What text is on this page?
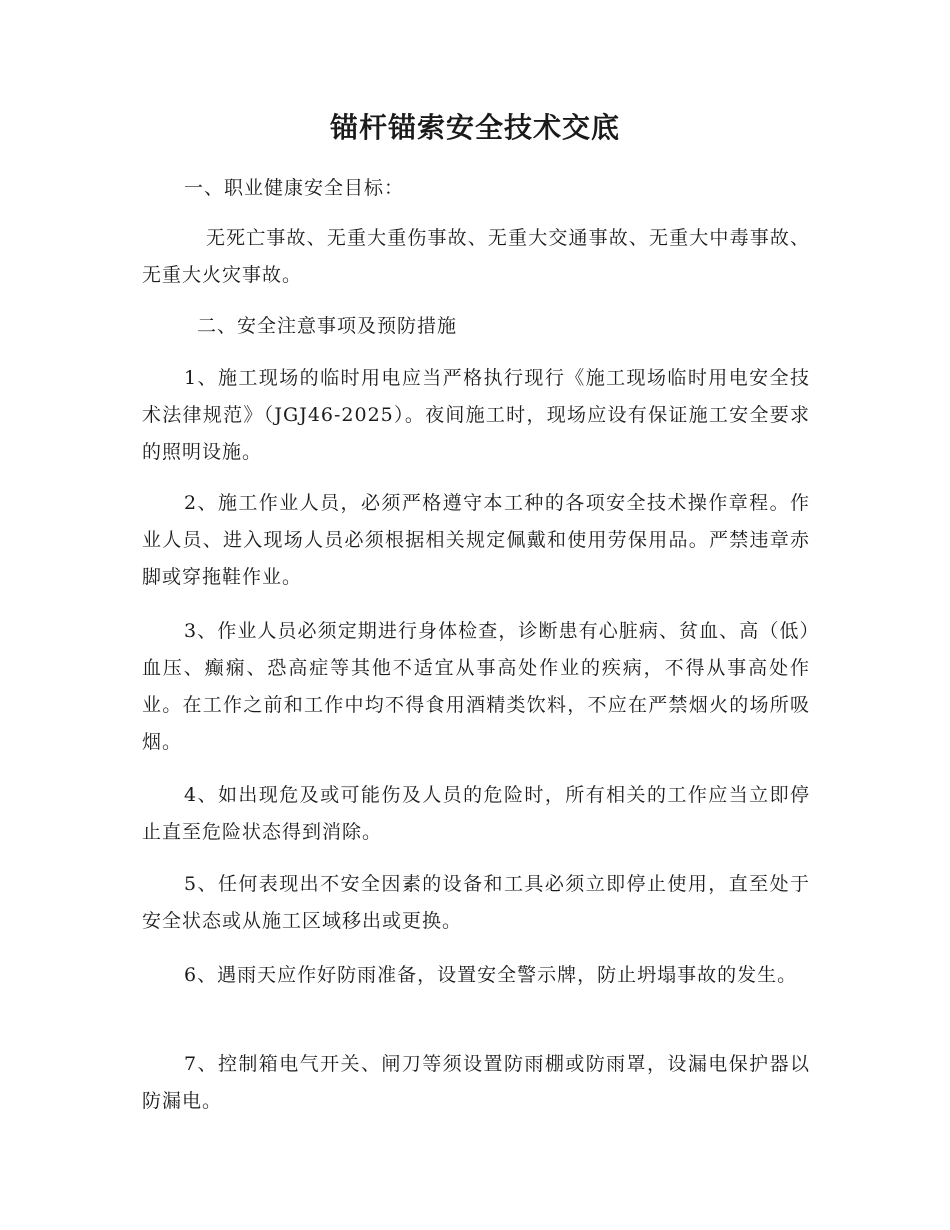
锚杆锚索安全技术交底

一、职业健康安全目标：

无死亡事故、无重大重伤事故、无重大交通事故、无重大中毒事故、无重大火灾事故。

二、安全注意事项及预防措施

1、施工现场的临时用电应当严格执行现行《施工现场临时用电安全技术法律规范》（JGJ46-2025）。夜间施工时，现场应设有保证施工安全要求的照明设施。

2、施工作业人员，必须严格遵守本工种的各项安全技术操作章程。作业人员、进入现场人员必须根据相关规定佩戴和使用劳保用品。严禁违章赤脚或穿拖鞋作业。

3、作业人员必须定期进行身体检查，诊断患有心脏病、贫血、高（低）血压、癫痫、恐高症等其他不适宜从事高处作业的疾病，不得从事高处作业。在工作之前和工作中均不得食用酒精类饮料，不应在严禁烟火的场所吸烟。

4、如出现危及或可能伤及人员的危险时，所有相关的工作应当立即停止直至危险状态得到消除。

5、任何表现出不安全因素的设备和工具必须立即停止使用，直至处于安全状态或从施工区域移出或更换。

6、遇雨天应作好防雨准备，设置安全警示牌，防止坍塌事故的发生。

7、控制箱电气开关、闸刀等须设置防雨棚或防雨罩，设漏电保护器以防漏电。
